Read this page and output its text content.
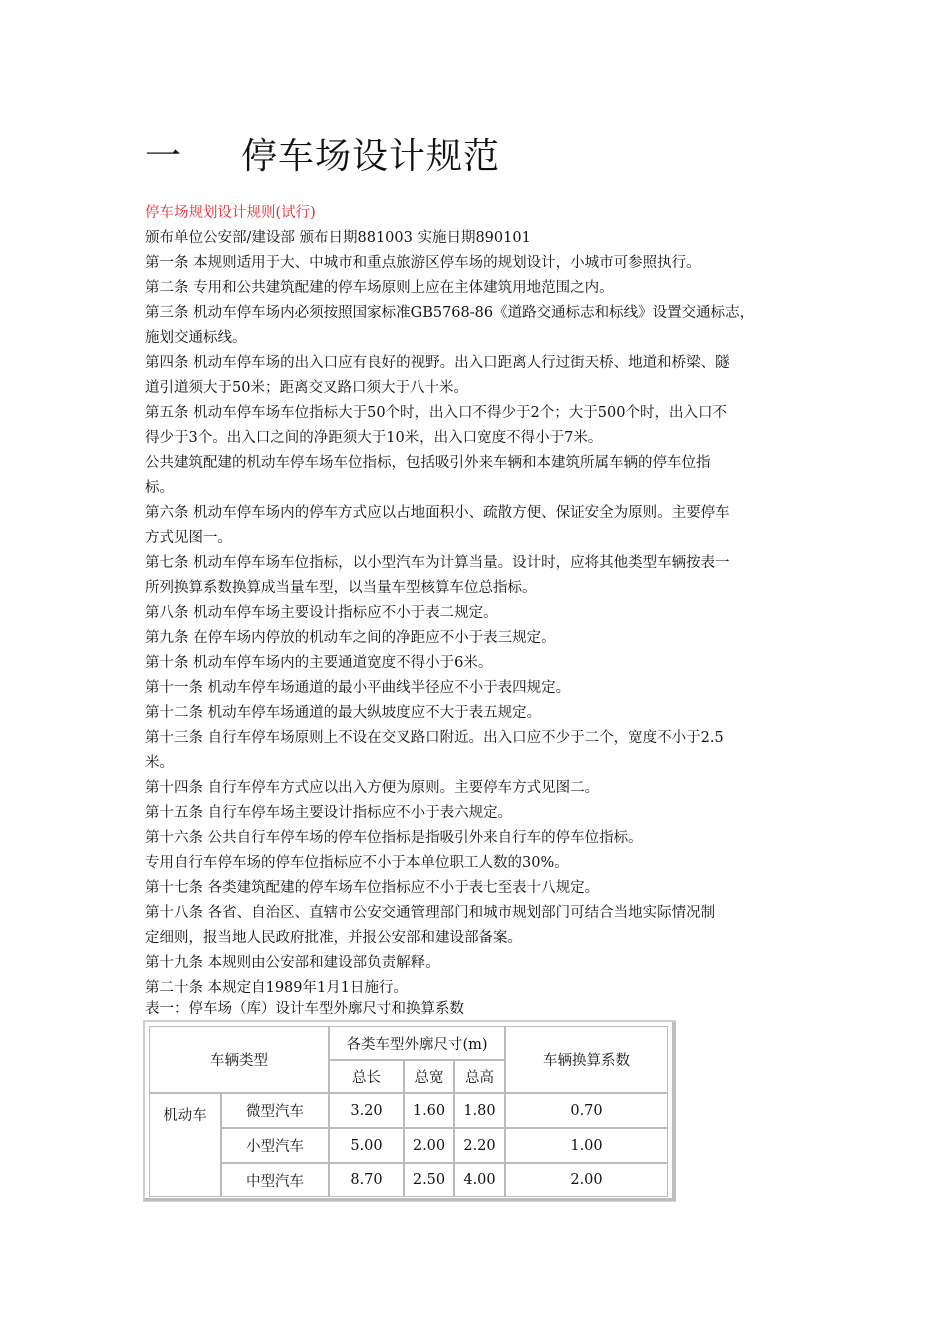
一 停车场设计规范
停车场规划设计规则(试行)
颁布单位公安部/建设部 颁布日期881003 实施日期890101
第一条 本规则适用于大、中城市和重点旅游区停车场的规划设计，小城市可参照执行。
第二条 专用和公共建筑配建的停车场原则上应在主体建筑用地范围之内。
第三条 机动车停车场内必须按照国家标准GB5768-86《道路交通标志和标线》设置交通标志，
施划交通标线。
第四条 机动车停车场的出入口应有良好的视野。出入口距离人行过街天桥、地道和桥梁、隧
道引道须大于50米；距离交叉路口须大于八十米。
第五条 机动车停车场车位指标大于50个时，出入口不得少于2个；大于500个时，出入口不
得少于3个。出入口之间的净距须大于10米，出入口宽度不得小于7米。
公共建筑配建的机动车停车场车位指标，包括吸引外来车辆和本建筑所属车辆的停车位指
标。
第六条 机动车停车场内的停车方式应以占地面积小、疏散方便、保证安全为原则。主要停车
方式见图一。
第七条 机动车停车场车位指标，以小型汽车为计算当量。设计时，应将其他类型车辆按表一
所列换算系数换算成当量车型，以当量车型核算车位总指标。
第八条 机动车停车场主要设计指标应不小于表二规定。
第九条 在停车场内停放的机动车之间的净距应不小于表三规定。
第十条 机动车停车场内的主要通道宽度不得小于6米。
第十一条 机动车停车场通道的最小平曲线半径应不小于表四规定。
第十二条 机动车停车场通道的最大纵坡度应不大于表五规定。
第十三条 自行车停车场原则上不设在交叉路口附近。出入口应不少于二个，宽度不小于2.5
米。
第十四条 自行车停车方式应以出入方便为原则。主要停车方式见图二。
第十五条 自行车停车场主要设计指标应不小于表六规定。
第十六条 公共自行车停车场的停车位指标是指吸引外来自行车的停车位指标。
专用自行车停车场的停车位指标应不小于本单位职工人数的30%。
第十七条 各类建筑配建的停车场车位指标应不小于表七至表十八规定。
第十八条 各省、自治区、直辖市公安交通管理部门和城市规划部门可结合当地实际情况制
定细则，报当地人民政府批准，并报公安部和建设部备案。
第十九条 本规则由公安部和建设部负责解释。
第二十条 本规定自1989年1月1日施行。
表一：停车场（库）设计车型外廓尺寸和换算系数
车辆类型
各类车型外廓尺寸(m)
总长	总宽	总高
车辆换算系数
机动车	微型汽车	3.20	1.60	1.80	0.70
小型汽车	5.00	2.00	2.20	1.00
中型汽车	8.70	2.50	4.00	2.00
